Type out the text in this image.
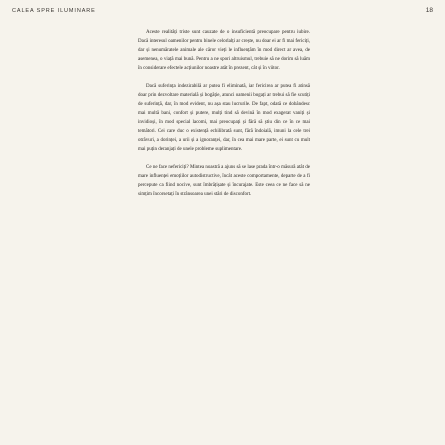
CALEA SPRE ILUMINARE	18

Aceste realități triste sunt cauzate de o insuficientă preocupare pentru iubire. Dacă interesul oamenilor pentru binele celorlalți ar crește, nu doar ei ar fi mai fericiți, dar și nenumăratele animale ale căror vieți le influențăm în mod direct ar avea, de asemenea, o viață mai bună. Pentru a ne spori altruismul, trebuie să ne dorim să luăm în considerare efectele acțiunilor noastre atât în prezent, cât și în viitor.

Dacă suferința indezirabilă ar putea fi eliminată, iar fericirea ar putea fi atinsă doar prin dezvoltare materială și bogăție, atunci oamenii bogați ar trebui să fie scutiți de suferință, dar, în mod evident, nu așa stau lucrurile. De fapt, odată ce dobândesc mai multă bani, confort și putere, mulți tind să devină în mod exagerat vaniți și invidioși, în mod special lacomi, mai preocupați și fără să știu din ce în ce mai temători. Cei care duc o existență echilibrată sunt, fără îndoială, imuni la cele trei otrăvuri, a dorinței, a urii și a ignoranței, dar, în cea mai mare parte, ei sunt cu mult mai puțin deranjați de unele probleme suplimentare.

Ce ne face nefericiți? Mintea noastră a ajuns să se lase prada într-o măsură atât de mare influenței emoțiilor autodistructive, încât aceste comportamente, departe de a fi percepute ca fiind nocive, sunt îmbrățișate și încurajate. Este ceea ce ne face să ne simțim încorsetați în strânsoarea unei stări de disconfort.
